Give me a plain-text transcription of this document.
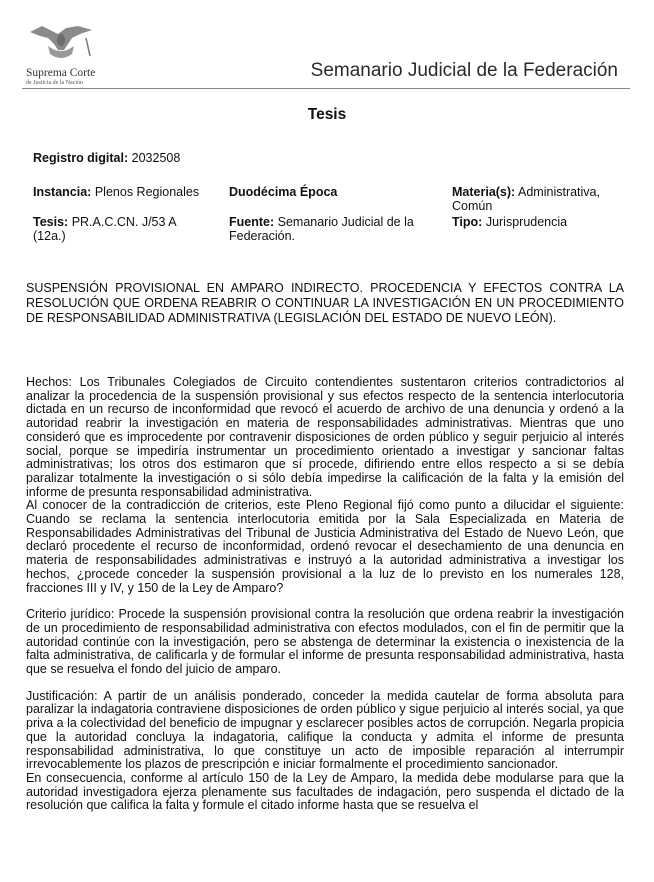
Suprema Corte
de Justicia de la Nación
Semanario Judicial de la Federación
Tesis
Registro digital: 2032508
Instancia: Plenos Regionales	Duodécima Época	Materia(s): Administrativa, Común
Tesis: PR.A.C.CN. J/53 A (12a.)
Fuente: Semanario Judicial de la Federación.
Tipo: Jurisprudencia
SUSPENSIÓN PROVISIONAL EN AMPARO INDIRECTO. PROCEDENCIA Y EFECTOS CONTRA LA RESOLUCIÓN QUE ORDENA REABRIR O CONTINUAR LA INVESTIGACIÓN EN UN PROCEDIMIENTO DE RESPONSABILIDAD ADMINISTRATIVA (LEGISLACIÓN DEL ESTADO DE NUEVO LEÓN).

Hechos: Los Tribunales Colegiados de Circuito contendientes sustentaron criterios contradictorios al analizar la procedencia de la suspensión provisional y sus efectos respecto de la sentencia interlocutoria dictada en un recurso de inconformidad que revocó el acuerdo de archivo de una denuncia y ordenó a la autoridad reabrir la investigación en materia de responsabilidades administrativas. Mientras que uno consideró que es improcedente por contravenir disposiciones de orden público y seguir perjuicio al interés social, porque se impediría instrumentar un procedimiento orientado a investigar y sancionar faltas administrativas; los otros dos estimaron que sí procede, difiriendo entre ellos respecto a si se debía paralizar totalmente la investigación o si sólo debía impedirse la calificación de la falta y la emisión del informe de presunta responsabilidad administrativa.

Al conocer de la contradicción de criterios, este Pleno Regional fijó como punto a dilucidar el siguiente: Cuando se reclama la sentencia interlocutoria emitida por la Sala Especializada en Materia de Responsabilidades Administrativas del Tribunal de Justicia Administrativa del Estado de Nuevo León, que declaró procedente el recurso de inconformidad, ordenó revocar el desechamiento de una denuncia en materia de responsabilidades administrativas e instruyó a la autoridad administrativa a investigar los hechos, ¿procede conceder la suspensión provisional a la luz de lo previsto en los numerales 128, fracciones III y IV, y 150 de la Ley de Amparo?

Criterio jurídico: Procede la suspensión provisional contra la resolución que ordena reabrir la investigación de un procedimiento de responsabilidad administrativa con efectos modulados, con el fin de permitir que la autoridad continúe con la investigación, pero se abstenga de determinar la existencia o inexistencia de la falta administrativa, de calificarla y de formular el informe de presunta responsabilidad administrativa, hasta que se resuelva el fondo del juicio de amparo.

Justificación: A partir de un análisis ponderado, conceder la medida cautelar de forma absoluta para paralizar la indagatoria contraviene disposiciones de orden público y sigue perjuicio al interés social, ya que priva a la colectividad del beneficio de impugnar y esclarecer posibles actos de corrupción. Negarla propicia que la autoridad concluya la indagatoria, califique la conducta y admita el informe de presunta responsabilidad administrativa, lo que constituye un acto de imposible reparación al interrumpir irrevocablemente los plazos de prescripción e iniciar formalmente el procedimiento sancionador.

En consecuencia, conforme al artículo 150 de la Ley de Amparo, la medida debe modularse para que la autoridad investigadora ejerza plenamente sus facultades de indagación, pero suspenda el dictado de la resolución que califica la falta y formule el citado informe hasta que se resuelva el
